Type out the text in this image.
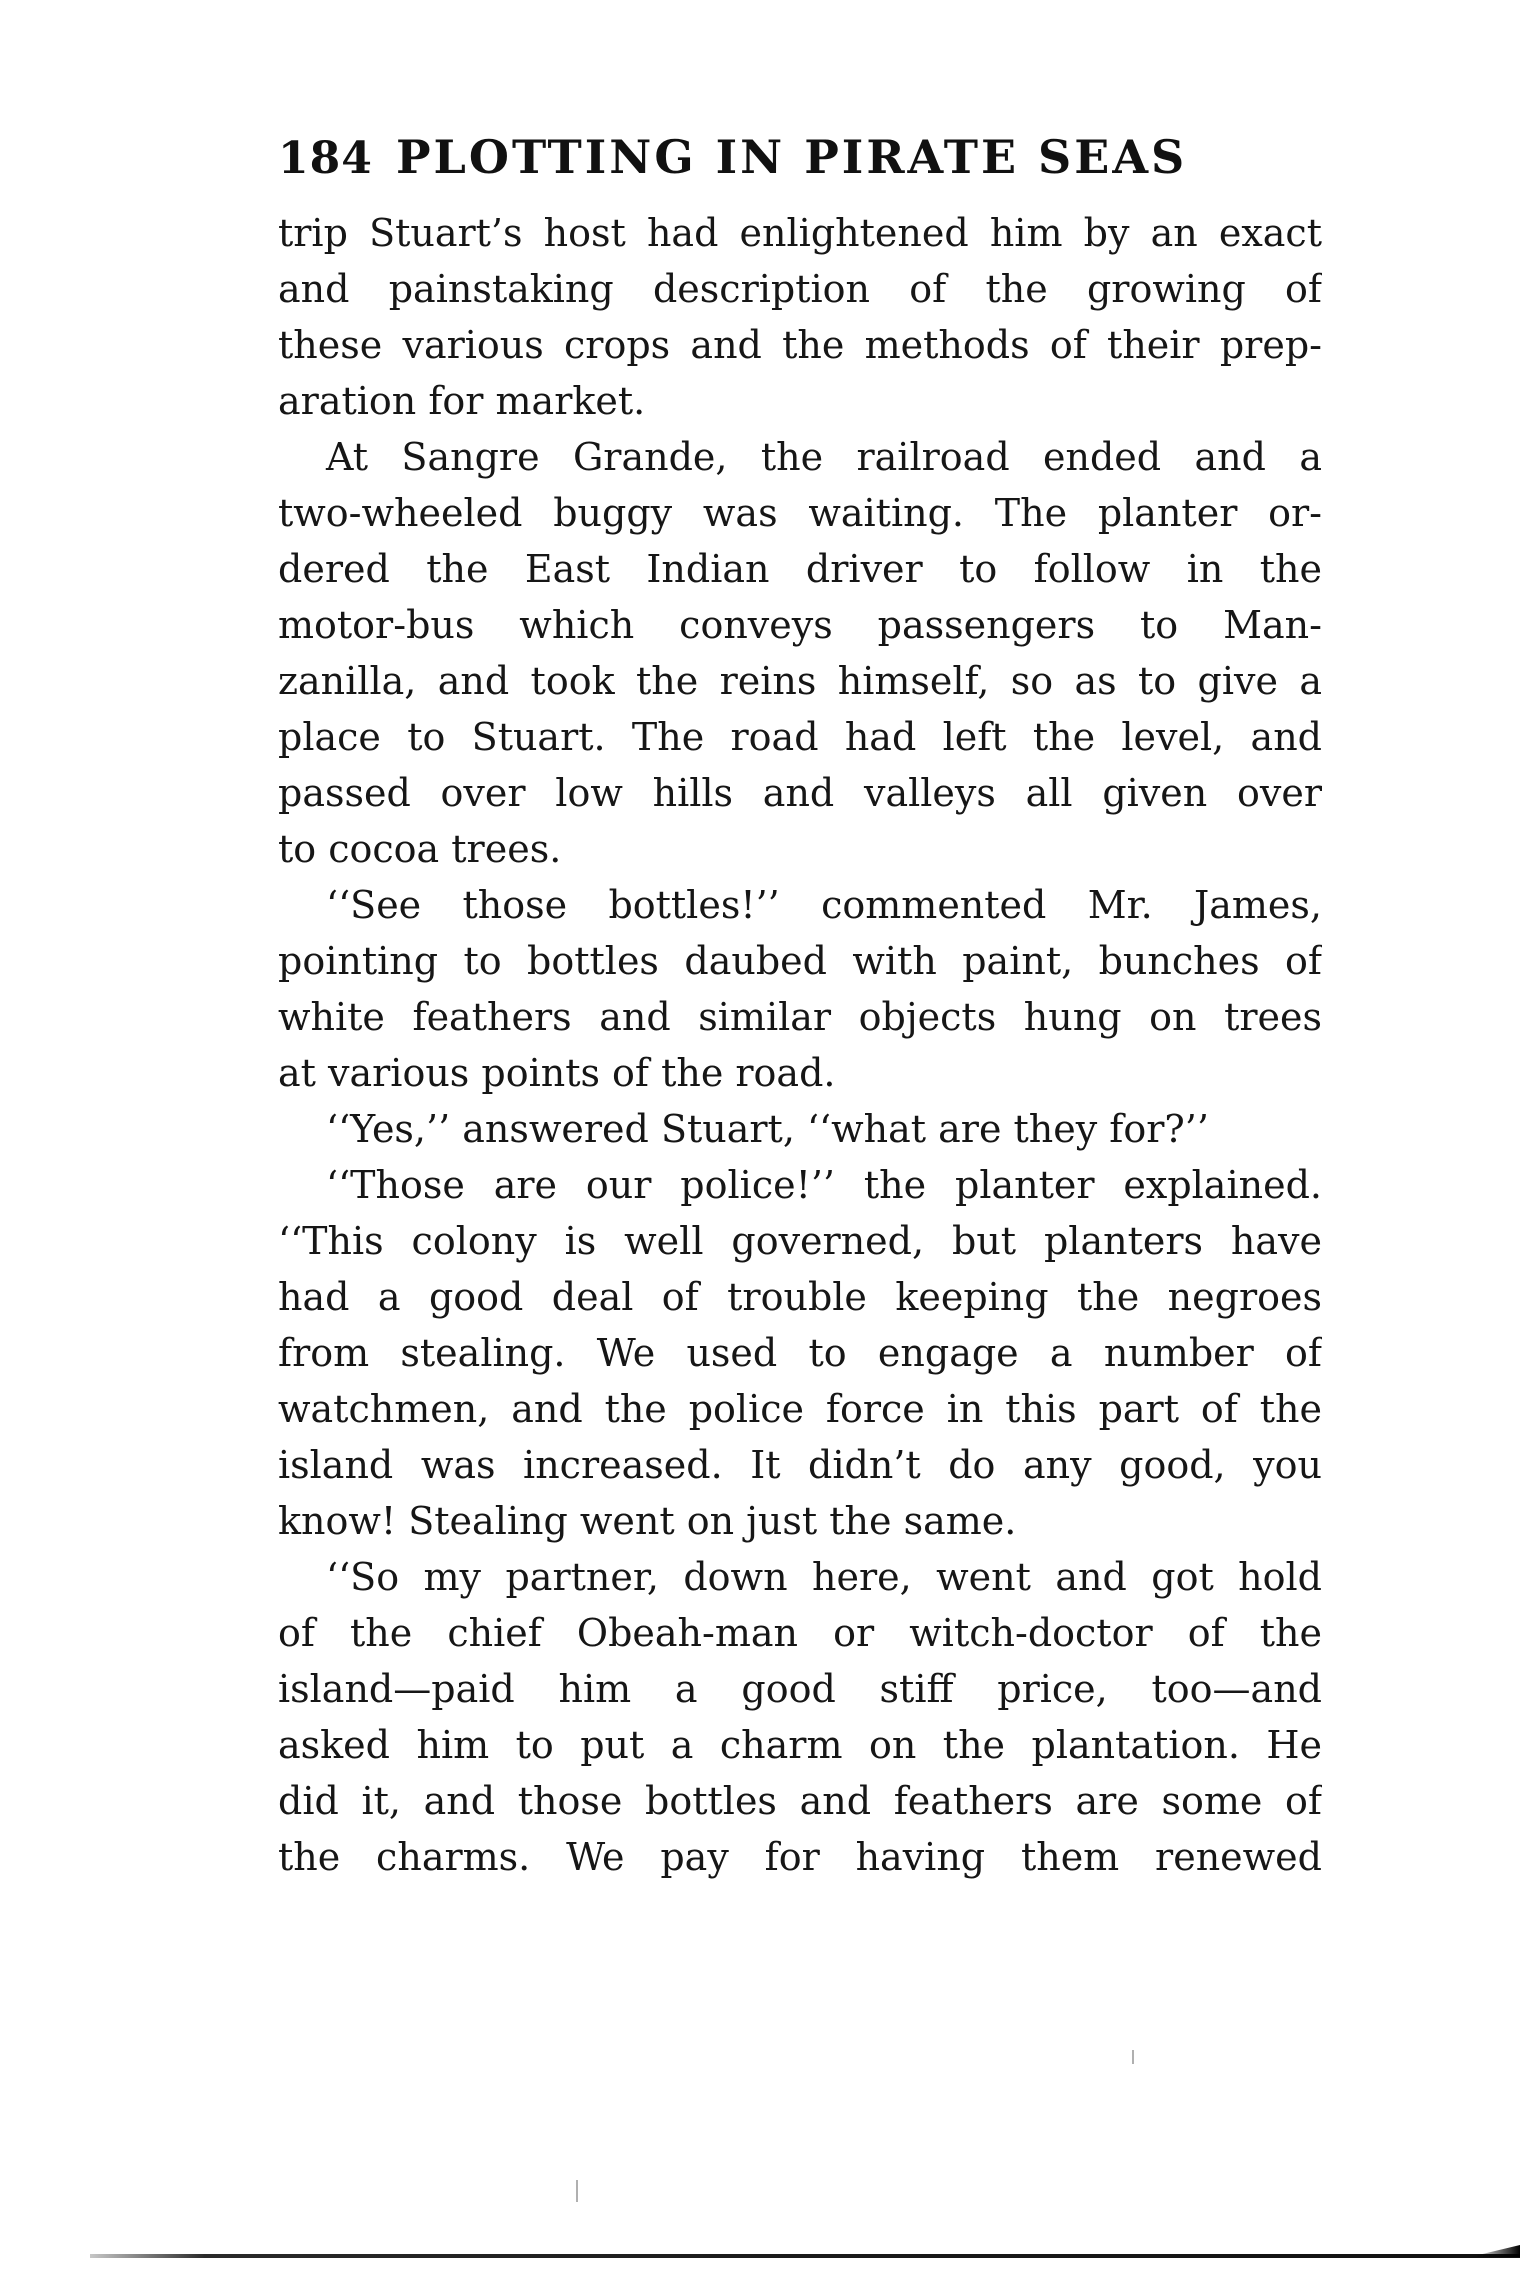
184 PLOTTING IN PIRATE SEAS

trip Stuart’s host had enlightened him by an exact
and painstaking description of the growing of
these various crops and the methods of their prep-
aration for market.

At Sangre Grande, the railroad ended and a
two-wheeled buggy was waiting. The planter or-
dered the East Indian driver to follow in the
motor-bus which conveys passengers to Man-
zanilla, and took the reins himself, so as to give a
place to Stuart. The road had left the level, and
passed over low hills and valleys all given over
to cocoa trees.

‘‘See those bottles!’’ commented Mr. James,
pointing to bottles daubed with paint, bunches of
white feathers and similar objects hung on trees
at various points of the road.

‘‘Yes,’’ answered Stuart, ‘‘what are they for?’’

‘‘Those are our police!’’ the planter explained.
‘‘This colony is well governed, but planters have
had a good deal of trouble keeping the negroes
from stealing. We used to engage a number of
watchmen, and the police force in this part of the
island was increased. It didn’t do any good, you
know! Stealing went on just the same.

‘‘So my partner, down here, went and got hold
of the chief Obeah-man or witch-doctor of the
island—paid him a good stiff price, too—and
asked him to put a charm on the plantation. He
did it, and those bottles and feathers are some of
the charms. We pay for having them renewed
